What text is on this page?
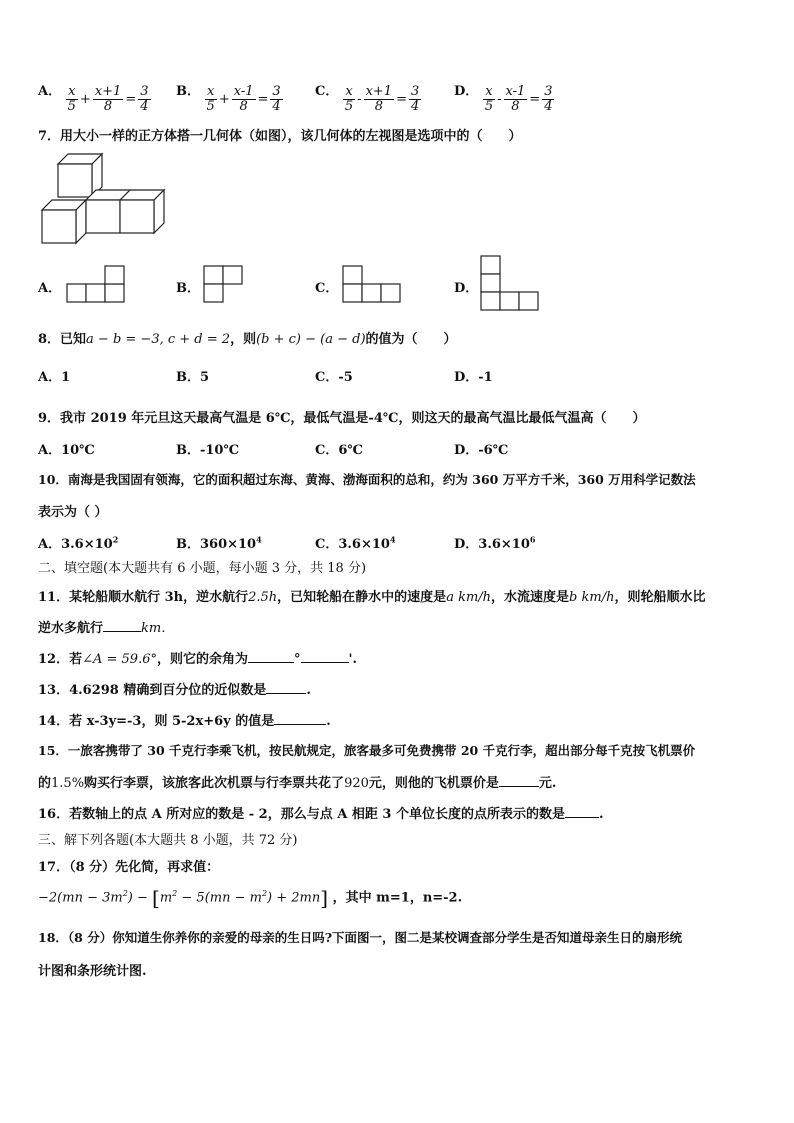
A． $\frac{x}{5} + \frac{x+1}{8} = \frac{3}{4}$ B． $\frac{x}{5} + \frac{x-1}{8} = \frac{3}{4}$ C． $\frac{x}{5} - \frac{x+1}{8} = \frac{3}{4}$	D． $\frac{x}{5} - \frac{x-1}{8} = \frac{3}{4}$
7．用大小一样的正方体搭一几何体（如图），该几何体的左视图是选项中的（　　）
A．	B．	C．	D．
8．已知a − b = −3, c + d = 2，则(b + c) − (a − d)的值为（　　）
A．1	B．5	C．-5	D．-1
9．我市 2019 年元旦这天最高气温是 6℃，最低气温是-4℃，则这天的最高气温比最低气温高（　　）
A．10℃	B．-10℃	C．6℃	D．-6℃
10．南海是我国固有领海，它的面积超过东海、黄海、渤海面积的总和，约为 360 万平方千米，360 万用科学记数法
表示为（ ）
A．$3.6\times 10^2$	B．$360\times 10^4$	C．$3.6\times 10^4$	D．$3.6\times 10^6$
二、填空题(本大题共有 6 小题，每小题 3 分，共 18 分)
11．某轮船顺水航行 3h，逆水航行2.5h，已知轮船在静水中的速度是a km/h，水流速度是b km/h，则轮船顺水比
逆水多航行	km．
12．若∠A = 59.6°，则它的余角为	°	'.
13．4.6298 精确到百分位的近似数是	.
14．若 x-3y=-3，则 5-2x+6y 的值是	.
15．一旅客携带了 30 千克行李乘飞机，按民航规定，旅客最多可免费携带 20 千克行李，超出部分每千克按飞机票价
的1.5%购买行李票，该旅客此次机票与行李票共花了920元，则他的飞机票价是	元.
16．若数轴上的点 A 所对应的数是 - 2，那么与点 A 相距 3 个单位长度的点所表示的数是	.
三、解下列各题(本大题共 8 小题，共 72 分)
17．（8 分）先化简，再求值：
$-2(mn - 3m^2) - [m^2 - 5(mn - m^2) + 2mn]$ ，其中 m=1，n=-2.
18．（8 分）你知道生你养你的亲爱的母亲的生日吗?下面图一，图二是某校调查部分学生是否知道母亲生日的扇形统
计图和条形统计图.
